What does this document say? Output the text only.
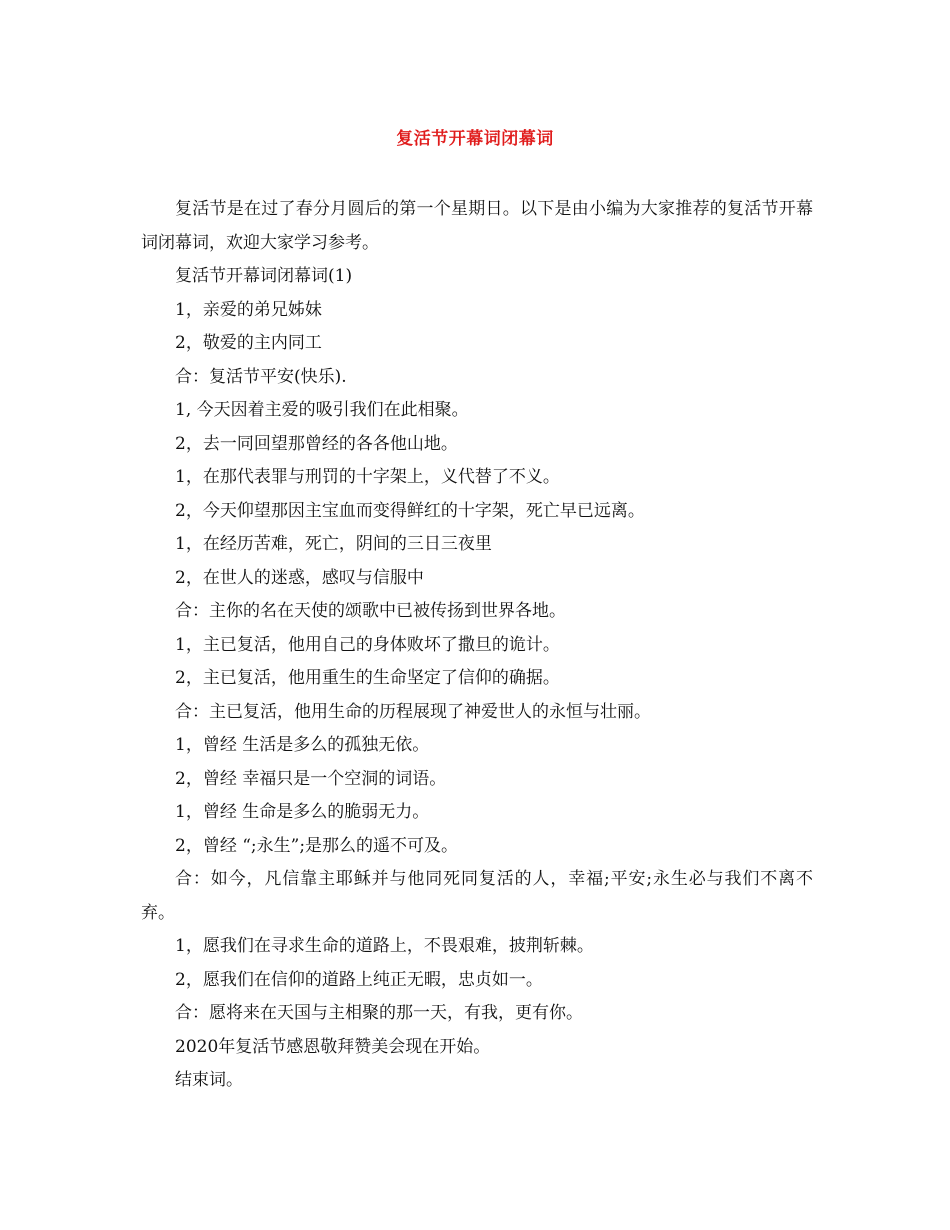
复活节开幕词闭幕词

复活节是在过了春分月圆后的第一个星期日。以下是由小编为大家推荐的复活节开幕词闭幕词，欢迎大家学习参考。

复活节开幕词闭幕词(1)

1，亲爱的弟兄姊妹

2，敬爱的主内同工

合：复活节平安(快乐).

1, 今天因着主爱的吸引我们在此相聚。

2，去一同回望那曾经的各各他山地。

1，在那代表罪与刑罚的十字架上，义代替了不义。

2，今天仰望那因主宝血而变得鲜红的十字架，死亡早已远离。

1，在经历苦难，死亡，阴间的三日三夜里

2，在世人的迷惑，感叹与信服中

合：主你的名在天使的颂歌中已被传扬到世界各地。

1，主已复活，他用自己的身体败坏了撒旦的诡计。

2，主已复活，他用重生的生命坚定了信仰的确据。

合：主已复活，他用生命的历程展现了神爱世人的永恒与壮丽。

1，曾经 生活是多么的孤独无依。

2，曾经 幸福只是一个空洞的词语。

1，曾经 生命是多么的脆弱无力。

2，曾经 “;永生”;是那么的遥不可及。

合：如今，凡信靠主耶稣并与他同死同复活的人，幸福;平安;永生必与我们不离不弃。

1，愿我们在寻求生命的道路上，不畏艰难，披荆斩棘。

2，愿我们在信仰的道路上纯正无暇，忠贞如一。

合：愿将来在天国与主相聚的那一天，有我，更有你。

2020年复活节感恩敬拜赞美会现在开始。

结束词。
